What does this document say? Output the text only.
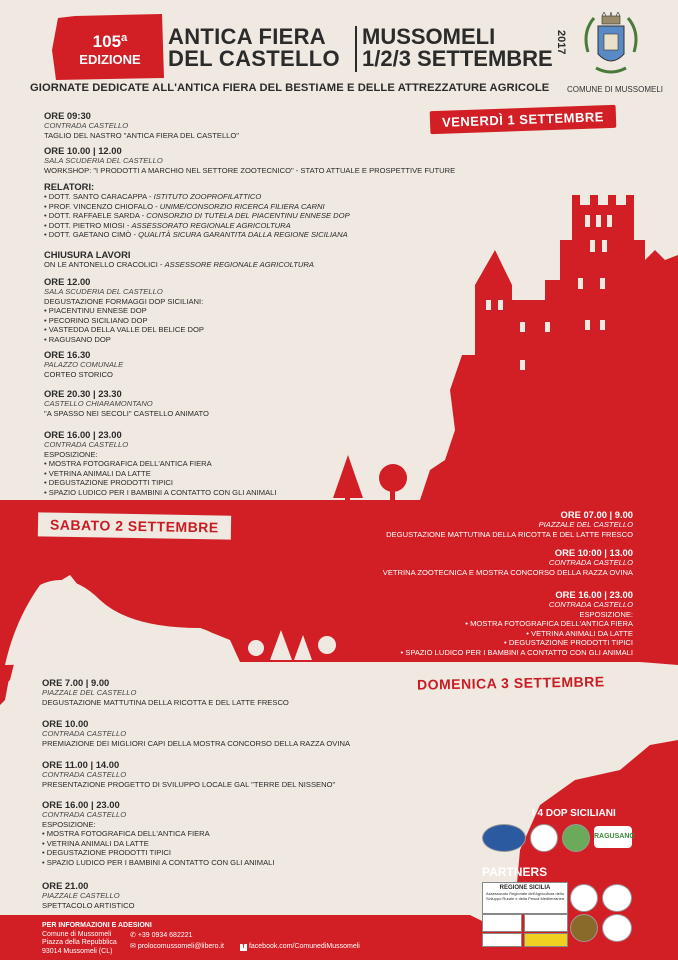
105ª
EDIZIONE
ANTICA FIERA
DEL CASTELLO
MUSSOMELI
1/2/3 SETTEMBRE
2017
GIORNATE DEDICATE ALL'ANTICA FIERA DEL BESTIAME E DELLE ATTREZZATURE AGRICOLE	COMUNE DI MUSSOMELI
VENERDÌ 1 SETTEMBRE
SABATO 2 SETTEMBRE
DOMENICA 3 SETTEMBRE
ORE 09:30
CONTRADA CASTELLO
TAGLIO DEL NASTRO "ANTICA FIERA DEL CASTELLO"
ORE 10.00 | 12.00
SALA SCUDERIA DEL CASTELLO
WORKSHOP: "I PRODOTTI A MARCHIO NEL SETTORE ZOOTECNICO" - STATO ATTUALE E PROSPETTIVE FUTURE
RELATORI:
• DOTT. SANTO CARACAPPA - ISTITUTO ZOOPROFILATTICO
• PROF. VINCENZO CHIOFALO - UNIME/CONSORZIO RICERCA FILIERA CARNI
• DOTT. RAFFAELE SARDA - CONSORZIO DI TUTELA DEL PIACENTINU ENNESE DOP
• DOTT. PIETRO MIOSI - ASSESSORATO REGIONALE AGRICOLTURA
• DOTT. GAETANO CIMÒ - QUALITÀ SICURA GARANTITA DALLA REGIONE SICILIANA
CHIUSURA LAVORI
ON LE ANTONELLO CRACOLICI - ASSESSORE REGIONALE AGRICOLTURA
ORE 12.00
SALA SCUDERIA DEL CASTELLO
DEGUSTAZIONE FORMAGGI DOP SICILIANI:
• PIACENTINU ENNESE DOP
• PECORINO SICILIANO DOP
• VASTEDDA DELLA VALLE DEL BELICE DOP
• RAGUSANO DOP
ORE 16.30
PALAZZO COMUNALE
CORTEO STORICO
ORE 20.30 | 23.30
CASTELLO CHIARAMONTANO
"A SPASSO NEI SECOLI" CASTELLO ANIMATO
ORE 16.00 | 23.00
CONTRADA CASTELLO
ESPOSIZIONE:
• MOSTRA FOTOGRAFICA DELL'ANTICA FIERA
• VETRINA ANIMALI DA LATTE
• DEGUSTAZIONE PRODOTTI TIPICI
• SPAZIO LUDICO PER I BAMBINI A CONTATTO CON GLI ANIMALI
ORE 07.00 | 9.00
PIAZZALE DEL CASTELLO
DEGUSTAZIONE MATTUTINA DELLA RICOTTA E DEL LATTE FRESCO
ORE 10:00 | 13.00
CONTRADA CASTELLO
VETRINA ZOOTECNICA E MOSTRA CONCORSO DELLA RAZZA OVINA
ORE 16.00 | 23.00
CONTRADA CASTELLO
ESPOSIZIONE:
• MOSTRA FOTOGRAFICA DELL'ANTICA FIERA
• VETRINA ANIMALI DA LATTE
• DEGUSTAZIONE PRODOTTI TIPICI
• SPAZIO LUDICO PER I BAMBINI A CONTATTO CON GLI ANIMALI
ORE 7.00 | 9.00
PIAZZALE DEL CASTELLO
DEGUSTAZIONE MATTUTINA DELLA RICOTTA E DEL LATTE FRESCO
ORE 10.00
CONTRADA CASTELLO
PREMIAZIONE DEI MIGLIORI CAPI DELLA MOSTRA CONCORSO DELLA RAZZA OVINA
ORE 11.00 | 14.00
CONTRADA CASTELLO
PRESENTAZIONE PROGETTO DI SVILUPPO LOCALE GAL "TERRE DEL NISSENO"
ORE 16.00 | 23.00
CONTRADA CASTELLO
ESPOSIZIONE:
• MOSTRA FOTOGRAFICA DELL'ANTICA FIERA
• VETRINA ANIMALI DA LATTE
• DEGUSTAZIONE PRODOTTI TIPICI
• SPAZIO LUDICO PER I BAMBINI A CONTATTO CON GLI ANIMALI
ORE 21.00
PIAZZALE CASTELLO
SPETTACOLO ARTISTICO
I 4 DOP SICILIANI
RAGUSANO
PARTNERS
REGIONE SICILIA
Assessorato Regionale dell'Agricoltura dello Sviluppo Rurale e della Pesca Mediterranea
PER INFORMAZIONI E ADESIONI
Comune di Mussomeli
Piazza della Repubblica
93014 Mussomeli (CL)
✆ +39 0934 682221
✉ prolocomussomeli@libero.it	f facebook.com/ComunediMussomeli
